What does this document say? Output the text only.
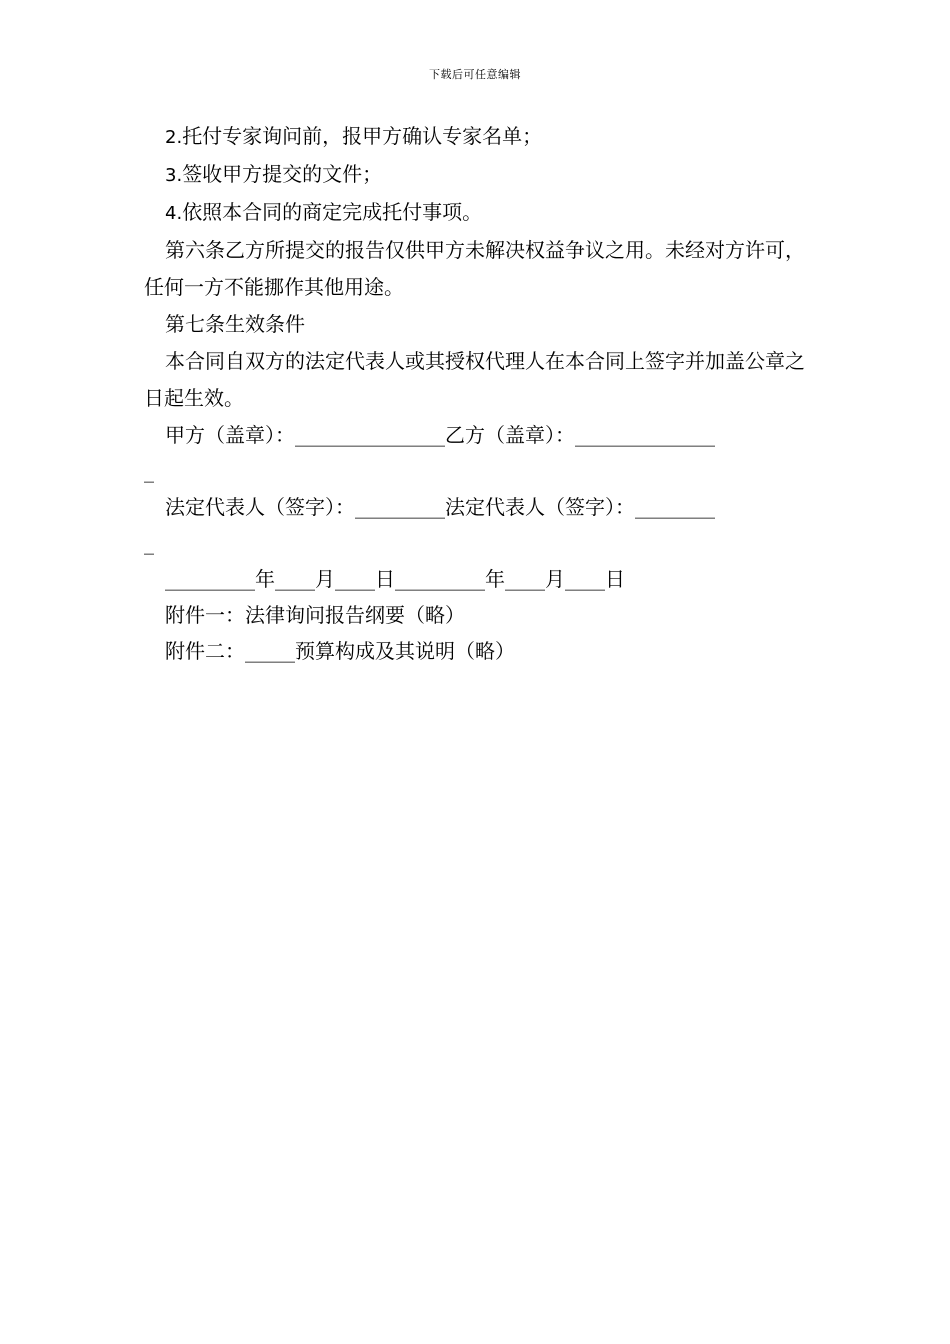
下载后可任意编辑

2.托付专家询问前，报甲方确认专家名单；

3.签收甲方提交的文件；

4.依照本合同的商定完成托付事项。

第六条乙方所提交的报告仅供甲方未解决权益争议之用。未经对方许可，任何一方不能挪作其他用途。

第七条生效条件

本合同自双方的法定代表人或其授权代理人在本合同上签字并加盖公章之日起生效。

甲方（盖章）：_______________乙方（盖章）：______________

_

法定代表人（签字）：_________法定代表人（签字）：________

_

_________年____月____日_________年____月____日

附件一：法律询问报告纲要（略）

附件二：_____预算构成及其说明（略）
